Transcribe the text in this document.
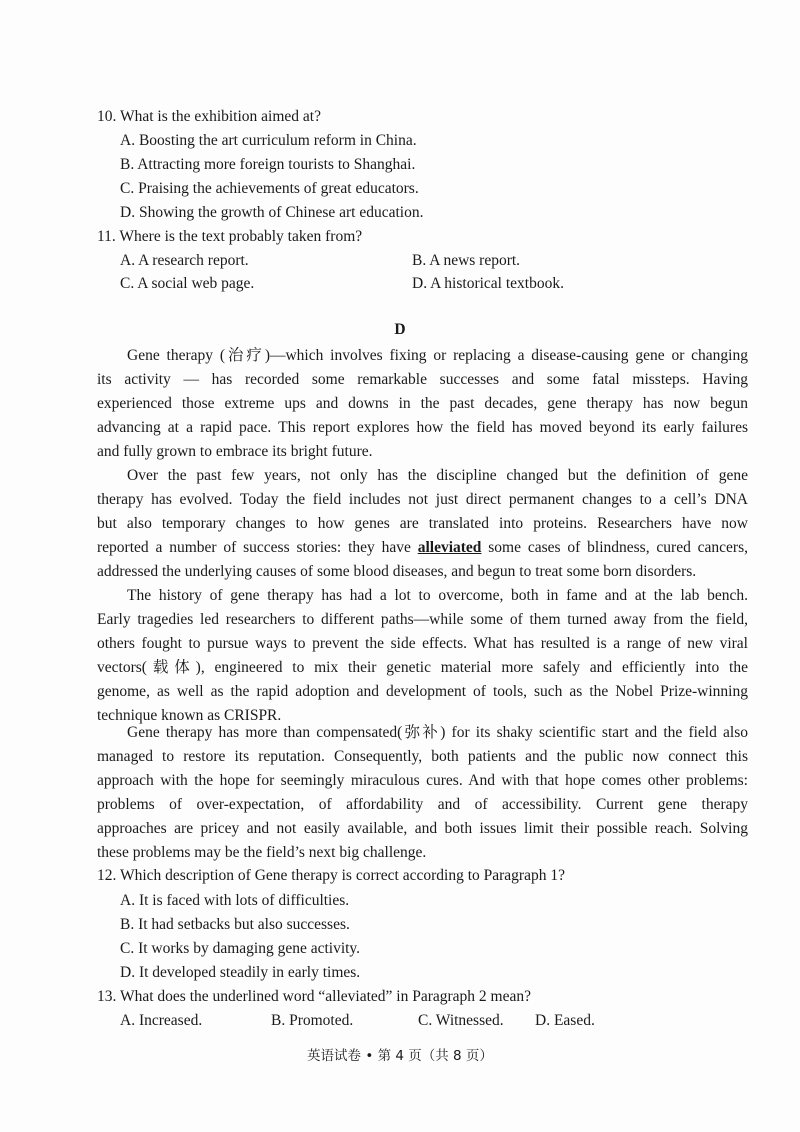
10. What is the exhibition aimed at?
A. Boosting the art curriculum reform in China.
B. Attracting more foreign tourists to Shanghai.
C. Praising the achievements of great educators.
D. Showing the growth of Chinese art education.
11. Where is the text probably taken from?
A. A research report.	B. A news report.
C. A social web page.	D. A historical textbook.
D
Gene therapy (治疗)—which involves fixing or replacing a disease-causing gene or changing
its activity — has recorded some remarkable successes and some fatal missteps. Having
experienced those extreme ups and downs in the past decades, gene therapy has now begun
advancing at a rapid pace. This report explores how the field has moved beyond its early failures
and fully grown to embrace its bright future.
Over the past few years, not only has the discipline changed but the definition of gene
therapy has evolved. Today the field includes not just direct permanent changes to a cell’s DNA
but also temporary changes to how genes are translated into proteins. Researchers have now
reported a number of success stories: they have alleviated some cases of blindness, cured cancers,
addressed the underlying causes of some blood diseases, and begun to treat some born disorders.
The history of gene therapy has had a lot to overcome, both in fame and at the lab bench.
Early tragedies led researchers to different paths—while some of them turned away from the field,
others fought to pursue ways to prevent the side effects. What has resulted is a range of new viral
vectors(载体), engineered to mix their genetic material more safely and efficiently into the
genome, as well as the rapid adoption and development of tools, such as the Nobel Prize-winning
technique known as CRISPR.
Gene therapy has more than compensated(弥补) for its shaky scientific start and the field also
managed to restore its reputation. Consequently, both patients and the public now connect this
approach with the hope for seemingly miraculous cures. And with that hope comes other problems:
problems of over-expectation, of affordability and of accessibility. Current gene therapy
approaches are pricey and not easily available, and both issues limit their possible reach. Solving
these problems may be the field’s next big challenge.
12. Which description of Gene therapy is correct according to Paragraph 1?
A. It is faced with lots of difficulties.
B. It had setbacks but also successes.
C. It works by damaging gene activity.
D. It developed steadily in early times.
13. What does the underlined word “alleviated” in Paragraph 2 mean?
A. Increased.	B. Promoted.	C. Witnessed. D. Eased.
英语试卷 • 第 4 页（共 8 页）
